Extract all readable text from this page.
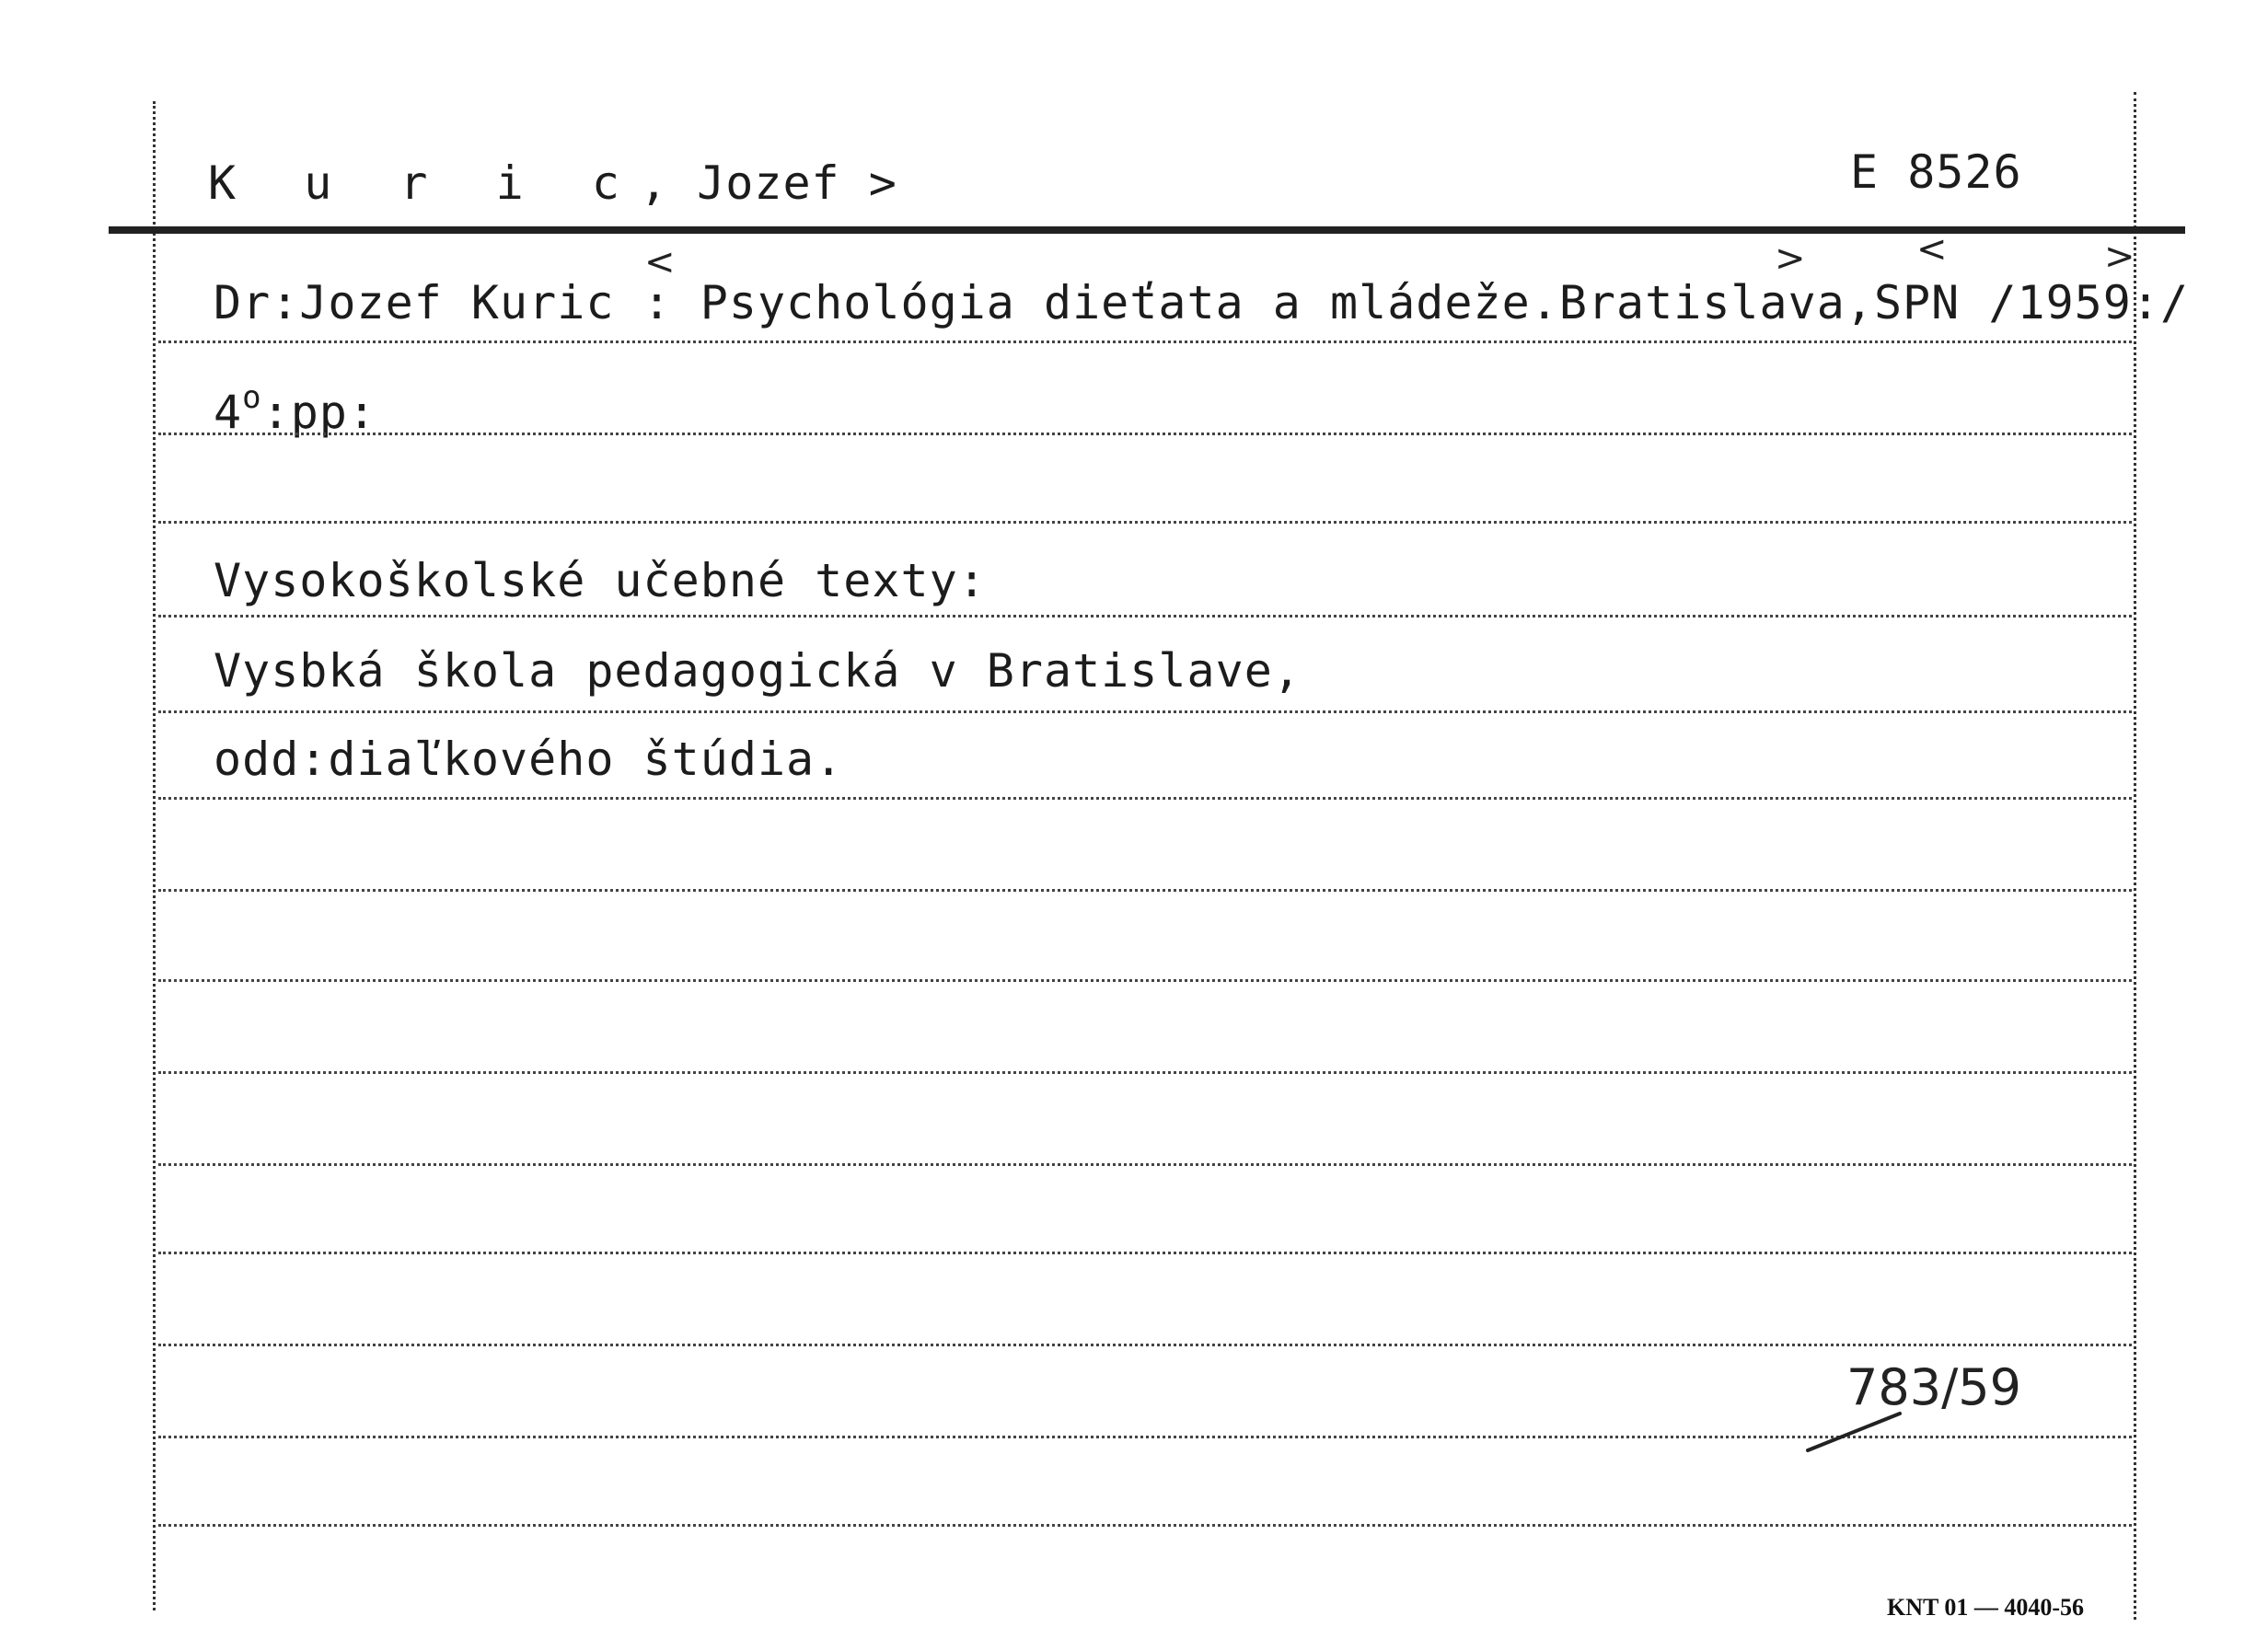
K u r i c, Jozef >	E 8526
<	>	<	>
Dr:Jozef Kuric : Psychológia dieťata a mládeže.Bratislava,SPN /1959:/
4$^o$:pp:
Vysokoškolské učebné texty:
Vysbká škola pedagogická v Bratislave,
odd:diaľkového štúdia.
783/59
KNT 01 — 4040-56
